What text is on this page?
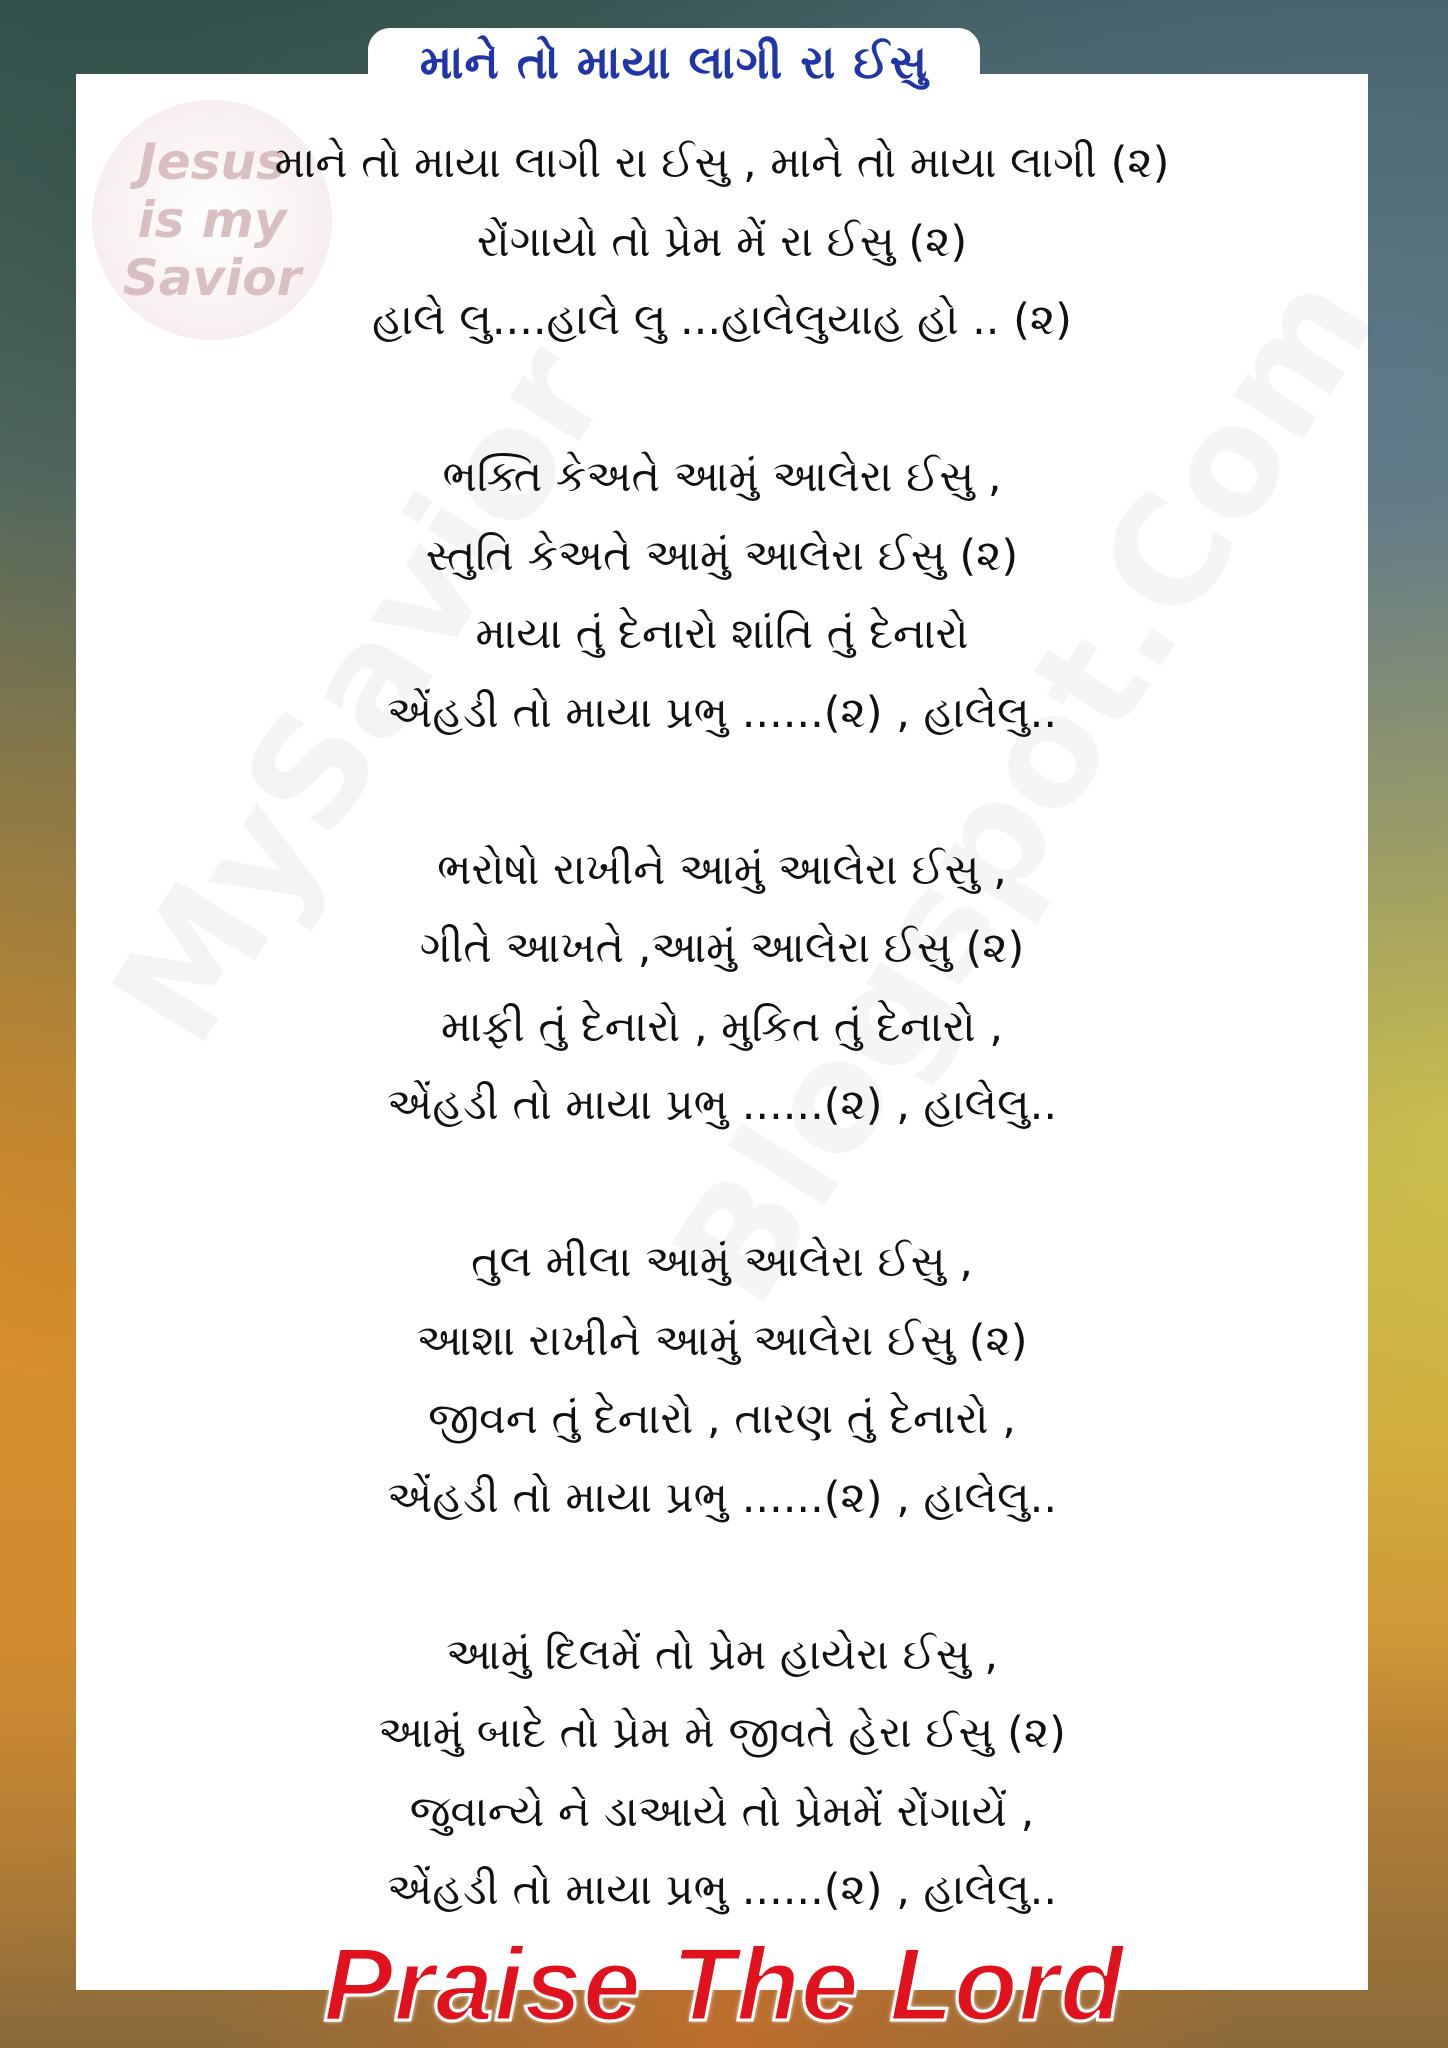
Jesus
is my
Savior
માને તો માયા લાગી રા ઈસુ
માને તો માયા લાગી રા ઈસુ , માને તો માયા લાગી (૨)
રોંગાયો તો પ્રેમ મેં રા ઈસુ (૨)
હાલે લુ....હાલે લુ ...હાલેલુયાહ હો .. (૨)
ભક્તિ કેઅતે આમું આલેરા ઈસુ ,
સ્તુતિ કેઅતે આમું આલેરા ઈસુ (૨)
માયા તું દેનારો શાંતિ તું દેનારો
એંહડી તો માયા પ્રભુ ......(૨) , હાલેલુ..
ભરોષો રાખીને આમું આલેરા ઈસુ ,
ગીતે આખતે ,આમું આલેરા ઈસુ (૨)
માફી તું દેનારો , મુકિત તું દેનારો ,
એંહડી તો માયા પ્રભુ ......(૨) , હાલેલુ..
તુલ મીલા આમું આલેરા ઈસુ ,
આશા રાખીને આમું આલેરા ઈસુ (૨)
જીવન તું દેનારો , તારણ તું દેનારો ,
એંહડી તો માયા પ્રભુ ......(૨) , હાલેલુ..
આમું દિલમેં તો પ્રેમ હાયેરા ઈસુ ,
આમું બાદે તો પ્રેમ મે જીવતે હેરા ઈસુ (૨)
જુવાન્યે ને ડાઆયે તો પ્રેમમેં રોંગાયેં ,
એંહડી તો માયા પ્રભુ ......(૨) , હાલેલુ..
Praise The Lord
